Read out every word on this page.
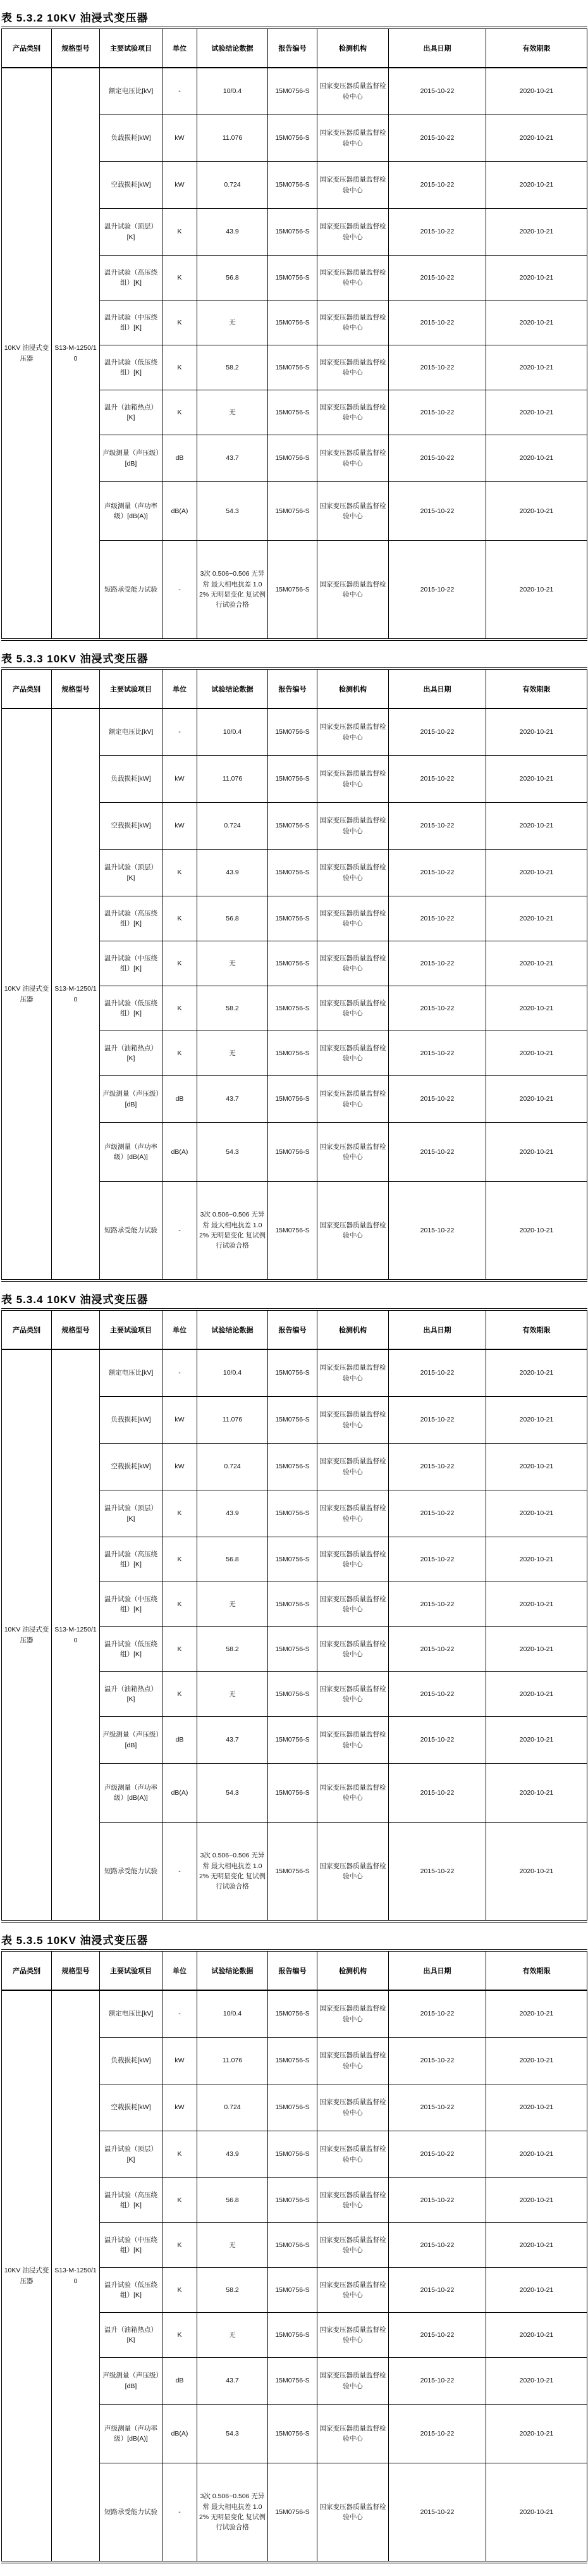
表 5.3.2 10KV 油浸式变压器
产品类别	规格型号	主要试验项目	单位	试验结论数据	报告编号	检测机构	出具日期	有效期限
10KV 油浸式变压器	S13-M-1250/10	额定电压比[kV]	-	10/0.4	15M0756-S	国家变压器质量监督检验中心	2015-10-22	2020-10-21
		负载损耗[kW]	kW	11.076	15M0756-S	国家变压器质量监督检验中心	2015-10-22	2020-10-21
		空载损耗[kW]	kW	0.724	15M0756-S	国家变压器质量监督检验中心	2015-10-22	2020-10-21
		温升试验（顶层）[K]	K	43.9	15M0756-S	国家变压器质量监督检验中心	2015-10-22	2020-10-21
		温升试验（高压绕组）[K]	K	56.8	15M0756-S	国家变压器质量监督检验中心	2015-10-22	2020-10-21
		温升试验（中压绕组）[K]	K	无	15M0756-S	国家变压器质量监督检验中心	2015-10-22	2020-10-21
		温升试验（低压绕组）[K]	K	58.2	15M0756-S	国家变压器质量监督检验中心	2015-10-22	2020-10-21
		温升（油箱热点）[K]	K	无	15M0756-S	国家变压器质量监督检验中心	2015-10-22	2020-10-21
		声级测量（声压级）[dB]	dB	43.7	15M0756-S	国家变压器质量监督检验中心	2015-10-22	2020-10-21
		声级测量（声功率级）[dB(A)]	dB(A)	54.3	15M0756-S	国家变压器质量监督检验中心	2015-10-22	2020-10-21
		短路承受能力试验	-	3次 0.506~0.506 无异常 最大相电抗差 1.02% 无明显变化 复试例行试验合格	15M0756-S	国家变压器质量监督检验中心	2015-10-22	2020-10-21
表 5.3.3 10KV 油浸式变压器
产品类别	规格型号	主要试验项目	单位	试验结论数据	报告编号	检测机构	出具日期	有效期限
10KV 油浸式变压器	S13-M-1250/10	额定电压比[kV]	-	10/0.4	15M0756-S	国家变压器质量监督检验中心	2015-10-22	2020-10-21
		负载损耗[kW]	kW	11.076	15M0756-S	国家变压器质量监督检验中心	2015-10-22	2020-10-21
		空载损耗[kW]	kW	0.724	15M0756-S	国家变压器质量监督检验中心	2015-10-22	2020-10-21
		温升试验（顶层）[K]	K	43.9	15M0756-S	国家变压器质量监督检验中心	2015-10-22	2020-10-21
		温升试验（高压绕组）[K]	K	56.8	15M0756-S	国家变压器质量监督检验中心	2015-10-22	2020-10-21
		温升试验（中压绕组）[K]	K	无	15M0756-S	国家变压器质量监督检验中心	2015-10-22	2020-10-21
		温升试验（低压绕组）[K]	K	58.2	15M0756-S	国家变压器质量监督检验中心	2015-10-22	2020-10-21
		温升（油箱热点）[K]	K	无	15M0756-S	国家变压器质量监督检验中心	2015-10-22	2020-10-21
		声级测量（声压级）[dB]	dB	43.7	15M0756-S	国家变压器质量监督检验中心	2015-10-22	2020-10-21
		声级测量（声功率级）[dB(A)]	dB(A)	54.3	15M0756-S	国家变压器质量监督检验中心	2015-10-22	2020-10-21
		短路承受能力试验	-	3次 0.506~0.506 无异常 最大相电抗差 1.02% 无明显变化 复试例行试验合格	15M0756-S	国家变压器质量监督检验中心	2015-10-22	2020-10-21
表 5.3.4 10KV 油浸式变压器
产品类别	规格型号	主要试验项目	单位	试验结论数据	报告编号	检测机构	出具日期	有效期限
10KV 油浸式变压器	S13-M-1250/10	额定电压比[kV]	-	10/0.4	15M0756-S	国家变压器质量监督检验中心	2015-10-22	2020-10-21
		负载损耗[kW]	kW	11.076	15M0756-S	国家变压器质量监督检验中心	2015-10-22	2020-10-21
		空载损耗[kW]	kW	0.724	15M0756-S	国家变压器质量监督检验中心	2015-10-22	2020-10-21
		温升试验（顶层）[K]	K	43.9	15M0756-S	国家变压器质量监督检验中心	2015-10-22	2020-10-21
		温升试验（高压绕组）[K]	K	56.8	15M0756-S	国家变压器质量监督检验中心	2015-10-22	2020-10-21
		温升试验（中压绕组）[K]	K	无	15M0756-S	国家变压器质量监督检验中心	2015-10-22	2020-10-21
		温升试验（低压绕组）[K]	K	58.2	15M0756-S	国家变压器质量监督检验中心	2015-10-22	2020-10-21
		温升（油箱热点）[K]	K	无	15M0756-S	国家变压器质量监督检验中心	2015-10-22	2020-10-21
		声级测量（声压级）[dB]	dB	43.7	15M0756-S	国家变压器质量监督检验中心	2015-10-22	2020-10-21
		声级测量（声功率级）[dB(A)]	dB(A)	54.3	15M0756-S	国家变压器质量监督检验中心	2015-10-22	2020-10-21
		短路承受能力试验	-	3次 0.506~0.506 无异常 最大相电抗差 1.02% 无明显变化 复试例行试验合格	15M0756-S	国家变压器质量监督检验中心	2015-10-22	2020-10-21
表 5.3.5 10KV 油浸式变压器
产品类别	规格型号	主要试验项目	单位	试验结论数据	报告编号	检测机构	出具日期	有效期限
10KV 油浸式变压器	S13-M-1250/10	额定电压比[kV]	-	10/0.4	15M0756-S	国家变压器质量监督检验中心	2015-10-22	2020-10-21
		负载损耗[kW]	kW	11.076	15M0756-S	国家变压器质量监督检验中心	2015-10-22	2020-10-21
		空载损耗[kW]	kW	0.724	15M0756-S	国家变压器质量监督检验中心	2015-10-22	2020-10-21
		温升试验（顶层）[K]	K	43.9	15M0756-S	国家变压器质量监督检验中心	2015-10-22	2020-10-21
		温升试验（高压绕组）[K]	K	56.8	15M0756-S	国家变压器质量监督检验中心	2015-10-22	2020-10-21
		温升试验（中压绕组）[K]	K	无	15M0756-S	国家变压器质量监督检验中心	2015-10-22	2020-10-21
		温升试验（低压绕组）[K]	K	58.2	15M0756-S	国家变压器质量监督检验中心	2015-10-22	2020-10-21
		温升（油箱热点）[K]	K	无	15M0756-S	国家变压器质量监督检验中心	2015-10-22	2020-10-21
		声级测量（声压级）[dB]	dB	43.7	15M0756-S	国家变压器质量监督检验中心	2015-10-22	2020-10-21
		声级测量（声功率级）[dB(A)]	dB(A)	54.3	15M0756-S	国家变压器质量监督检验中心	2015-10-22	2020-10-21
		短路承受能力试验	-	3次 0.506~0.506 无异常 最大相电抗差 1.02% 无明显变化 复试例行试验合格	15M0756-S	国家变压器质量监督检验中心	2015-10-22	2020-10-21
